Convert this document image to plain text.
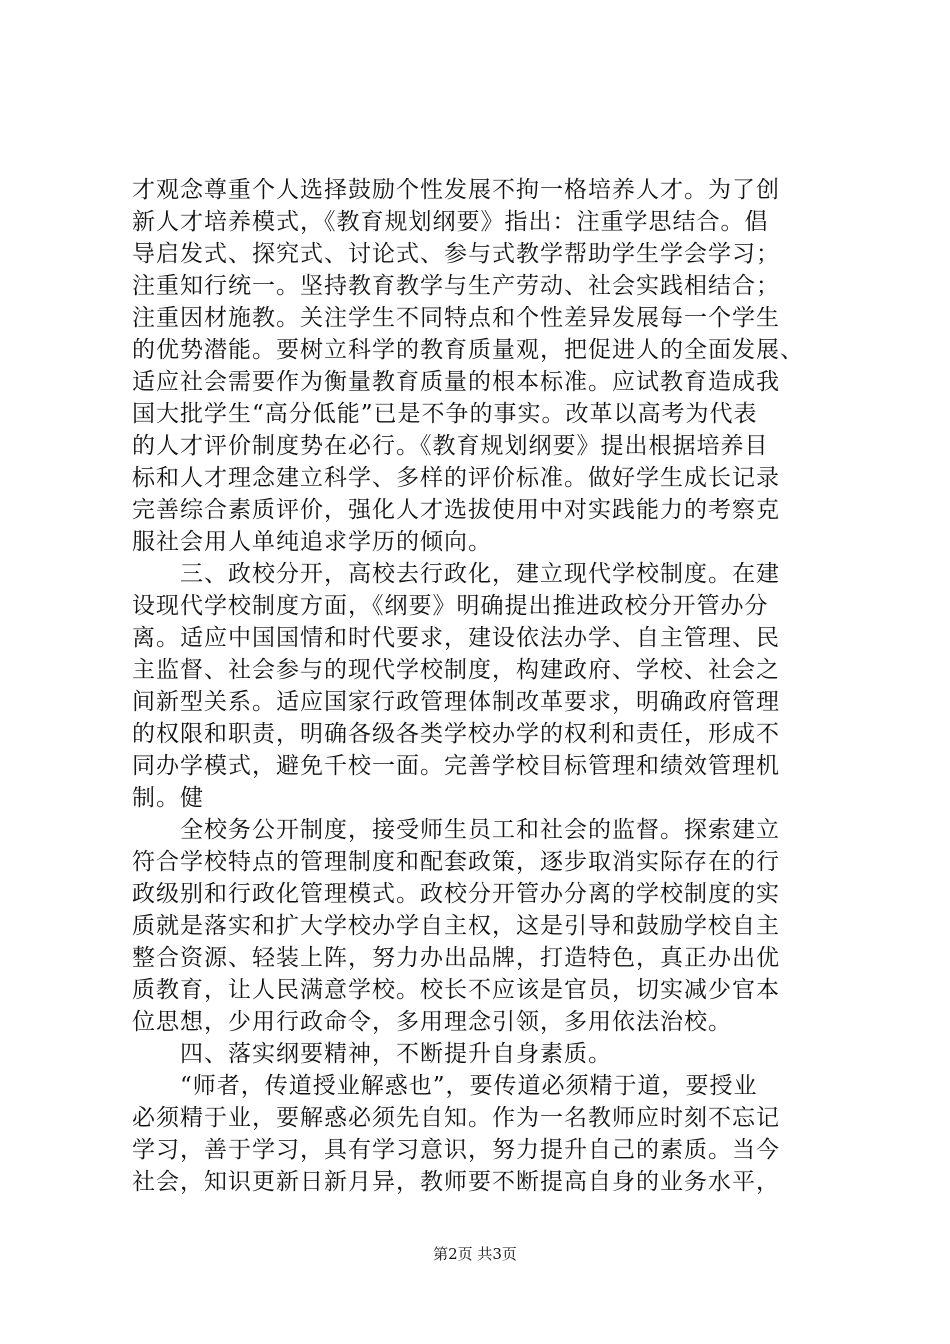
才观念尊重个人选择鼓励个性发展不拘一格培养人才。为了创
新人才培养模式，《教育规划纲要》指出：注重学思结合。倡
导启发式、探究式、讨论式、参与式教学帮助学生学会学习；
注重知行统一。坚持教育教学与生产劳动、社会实践相结合；
注重因材施教。关注学生不同特点和个性差异发展每一个学生
的优势潜能。要树立科学的教育质量观，把促进人的全面发展、
适应社会需要作为衡量教育质量的根本标准。应试教育造成我
国大批学生“高分低能”已是不争的事实。改革以高考为代表
的人才评价制度势在必行。《教育规划纲要》提出根据培养目
标和人才理念建立科学、多样的评价标准。做好学生成长记录
完善综合素质评价，强化人才选拔使用中对实践能力的考察克
服社会用人单纯追求学历的倾向。
　　三、政校分开，高校去行政化，建立现代学校制度。在建
设现代学校制度方面，《纲要》明确提出推进政校分开管办分
离。适应中国国情和时代要求，建设依法办学、自主管理、民
主监督、社会参与的现代学校制度，构建政府、学校、社会之
间新型关系。适应国家行政管理体制改革要求，明确政府管理
的权限和职责，明确各级各类学校办学的权利和责任，形成不
同办学模式，避免千校一面。完善学校目标管理和绩效管理机
制。健
　　全校务公开制度，接受师生员工和社会的监督。探索建立
符合学校特点的管理制度和配套政策，逐步取消实际存在的行
政级别和行政化管理模式。政校分开管办分离的学校制度的实
质就是落实和扩大学校办学自主权，这是引导和鼓励学校自主
整合资源、轻装上阵，努力办出品牌，打造特色，真正办出优
质教育，让人民满意学校。校长不应该是官员，切实减少官本
位思想，少用行政命令，多用理念引领，多用依法治校。
　　四、落实纲要精神，不断提升自身素质。
　　“师者，传道授业解惑也”，要传道必须精于道，要授业
必须精于业，要解惑必须先自知。作为一名教师应时刻不忘记
学习，善于学习，具有学习意识，努力提升自己的素质。当今
社会，知识更新日新月异，教师要不断提高自身的业务水平，
第2页 共3页
